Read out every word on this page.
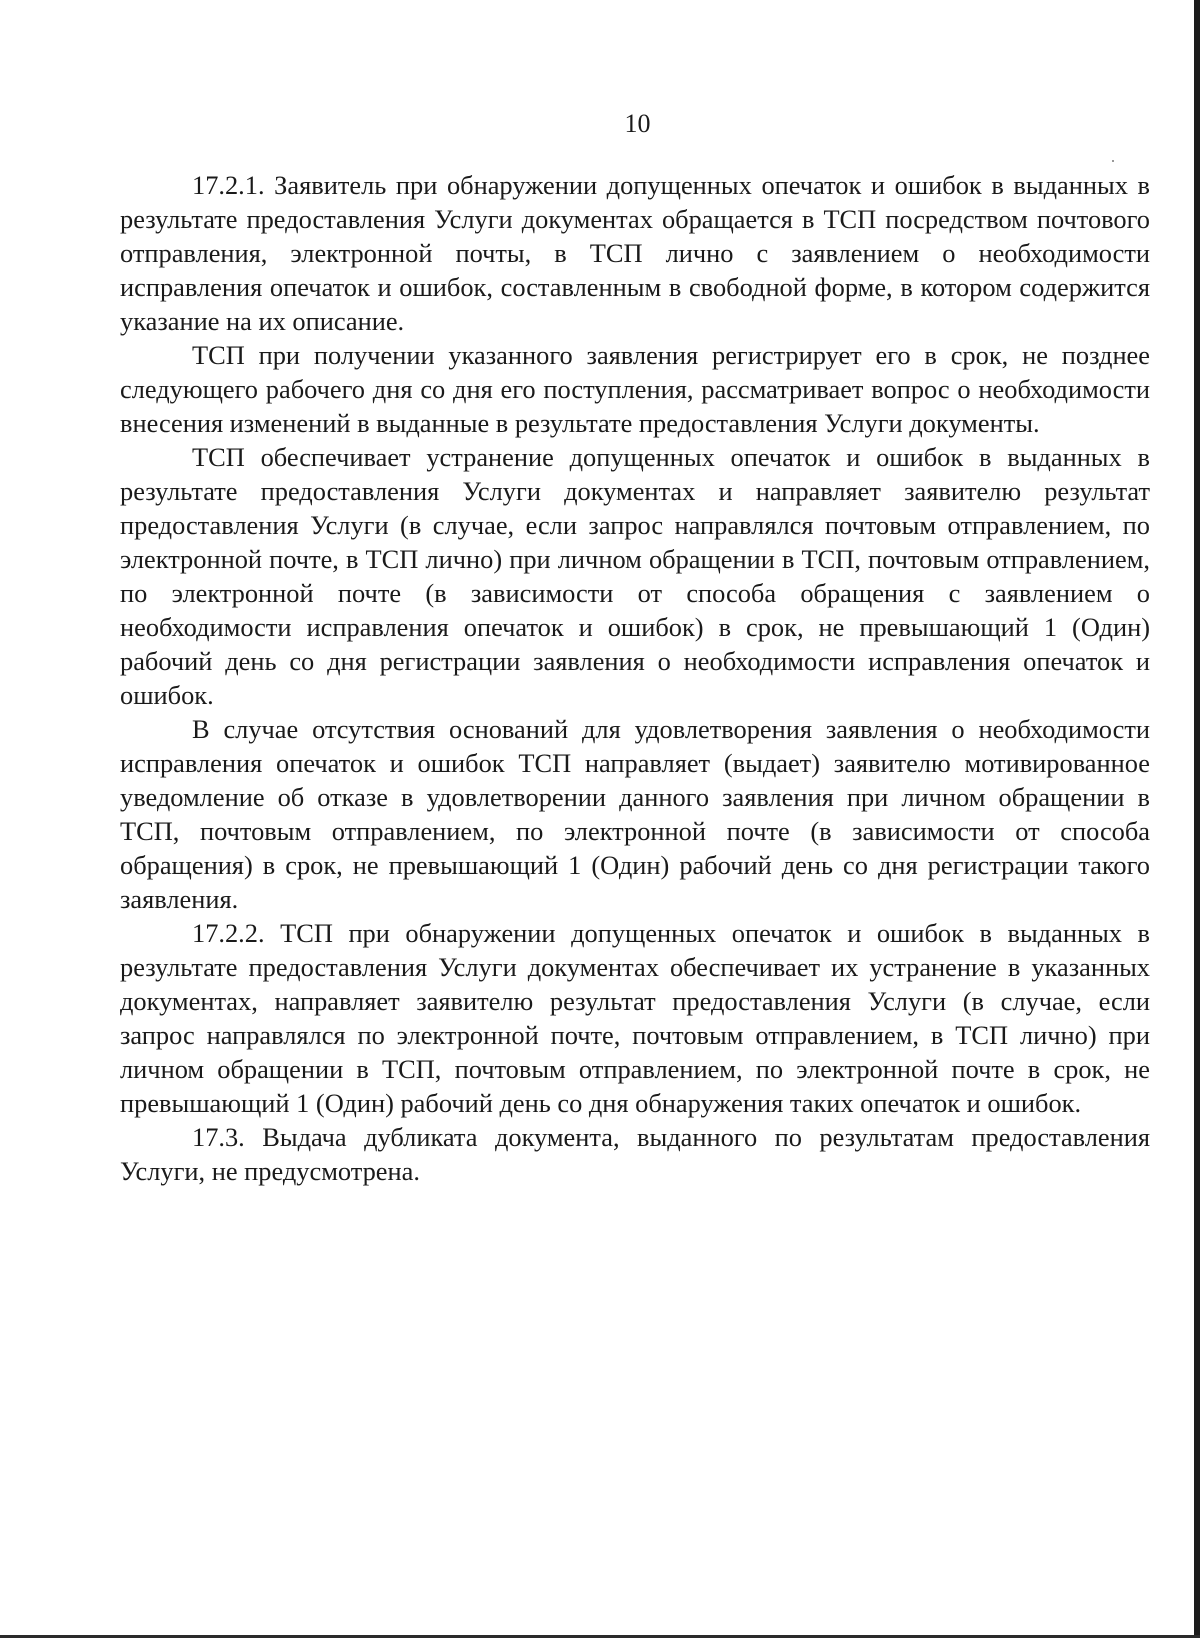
10

17.2.1. Заявитель при обнаружении допущенных опечаток и ошибок в выданных в результате предоставления Услуги документах обращается в ТСП посредством почтового отправления, электронной почты, в ТСП лично с заявлением о необходимости исправления опечаток и ошибок, составленным в свободной форме, в котором содержится указание на их описание.

ТСП при получении указанного заявления регистрирует его в срок, не позднее следующего рабочего дня со дня его поступления, рассматривает вопрос о необходимости внесения изменений в выданные в результате предоставления Услуги документы.

ТСП обеспечивает устранение допущенных опечаток и ошибок в выданных в результате предоставления Услуги документах и направляет заявителю результат предоставления Услуги (в случае, если запрос направлялся почтовым отправлением, по электронной почте, в ТСП лично) при личном обращении в ТСП, почтовым отправлением, по электронной почте (в зависимости от способа обращения с заявлением о необходимости исправления опечаток и ошибок) в срок, не превышающий 1 (Один) рабочий день со дня регистрации заявления о необходимости исправления опечаток и ошибок.

В случае отсутствия оснований для удовлетворения заявления о необходимости исправления опечаток и ошибок ТСП направляет (выдает) заявителю мотивированное уведомление об отказе в удовлетворении данного заявления при личном обращении в ТСП, почтовым отправлением, по электронной почте (в зависимости от способа обращения) в срок, не превышающий 1 (Один) рабочий день со дня регистрации такого заявления.

17.2.2. ТСП при обнаружении допущенных опечаток и ошибок в выданных в результате предоставления Услуги документах обеспечивает их устранение в указанных документах, направляет заявителю результат предоставления Услуги (в случае, если запрос направлялся по электронной почте, почтовым отправлением, в ТСП лично) при личном обращении в ТСП, почтовым отправлением, по электронной почте в срок, не превышающий 1 (Один) рабочий день со дня обнаружения таких опечаток и ошибок.

17.3. Выдача дубликата документа, выданного по результатам предоставления Услуги, не предусмотрена.
